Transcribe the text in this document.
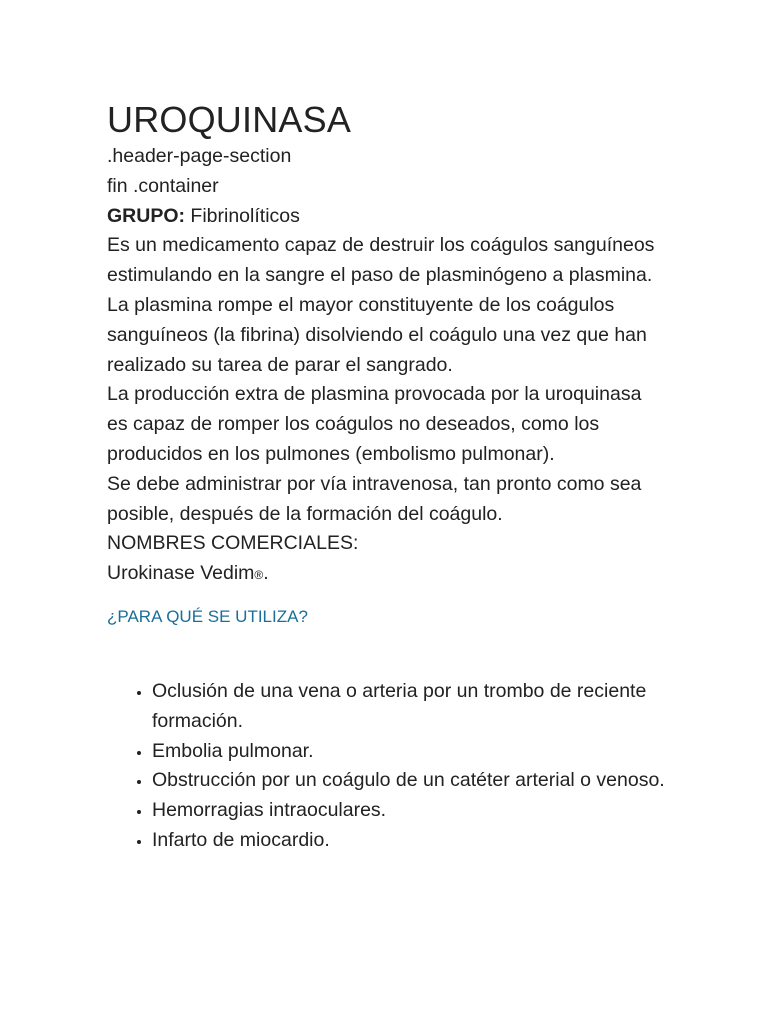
UROQUINASA

.header-page-section

fin .container

GRUPO: Fibrinolíticos

Es un medicamento capaz de destruir los coágulos sanguíneos estimulando en la sangre el paso de plasminógeno a plasmina. La plasmina rompe el mayor constituyente de los coágulos sanguíneos (la fibrina) disolviendo el coágulo una vez que han realizado su tarea de parar el sangrado.

La producción extra de plasmina provocada por la uroquinasa es capaz de romper los coágulos no deseados, como los producidos en los pulmones (embolismo pulmonar).

Se debe administrar por vía intravenosa, tan pronto como sea posible, después de la formación del coágulo.

NOMBRES COMERCIALES:

Urokinase Vedim®.

¿PARA QUÉ SE UTILIZA?
• Oclusión de una vena o arteria por un trombo de reciente formación.
• Embolia pulmonar.
• Obstrucción por un coágulo de un catéter arterial o venoso.
• Hemorragias intraoculares.
• Infarto de miocardio.
